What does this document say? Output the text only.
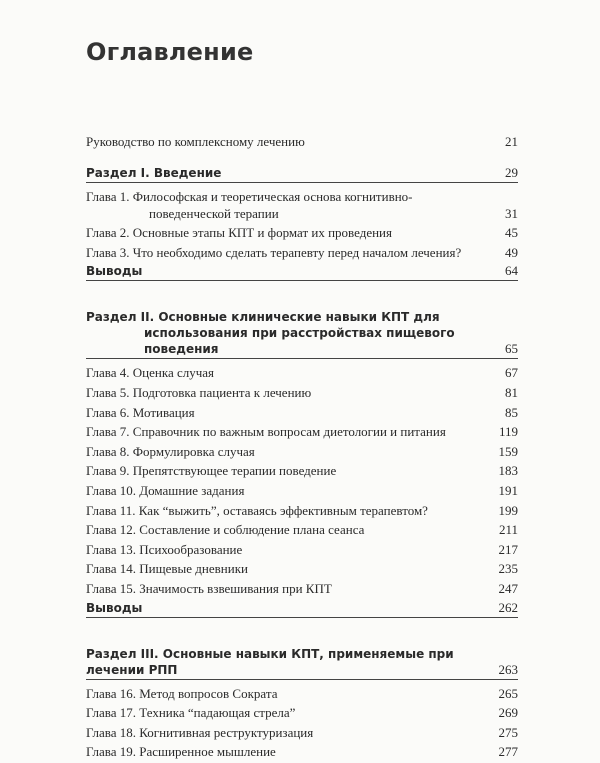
Оглавление
Руководство по комплексному лечению	21
Раздел I. Введение	29
Глава 1. Философская и теоретическая основа когнитивно-поведенческой терапии	31
Глава 2. Основные этапы КПТ и формат их проведения	45
Глава 3. Что необходимо сделать терапевту перед началом лечения?	49
Выводы	64
Раздел II. Основные клинические навыки КПТ для использования при расстройствах пищевого поведения	65
Глава 4. Оценка случая	67
Глава 5. Подготовка пациента к лечению	81
Глава 6. Мотивация	85
Глава 7. Справочник по важным вопросам диетологии и питания	119
Глава 8. Формулировка случая	159
Глава 9. Препятствующее терапии поведение	183
Глава 10. Домашние задания	191
Глава 11. Как “выжить”, оставаясь эффективным терапевтом?	199
Глава 12. Составление и соблюдение плана сеанса	211
Глава 13. Психообразование	217
Глава 14. Пищевые дневники	235
Глава 15. Значимость взвешивания при КПТ	247
Выводы	262
Раздел III. Основные навыки КПТ, применяемые при лечении РПП	263
Глава 16. Метод вопросов Сократа	265
Глава 17. Техника “падающая стрела”	269
Глава 18. Когнитивная реструктуризация	275
Глава 19. Расширенное мышление	277
